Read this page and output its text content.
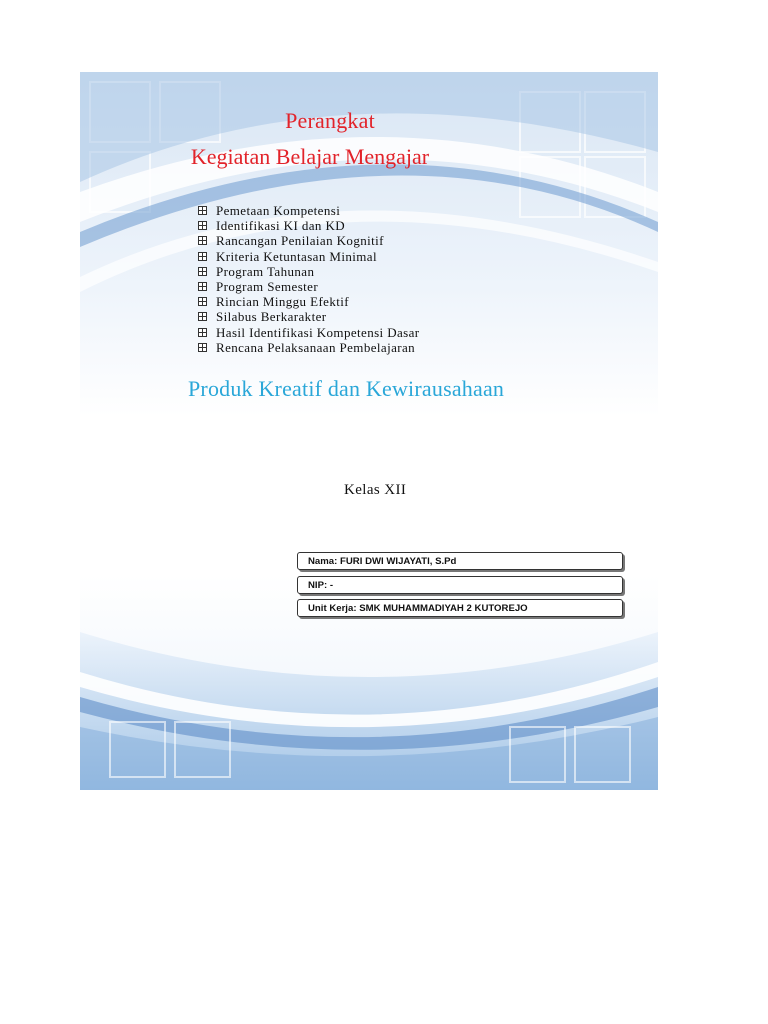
Perangkat
Kegiatan Belajar Mengajar
Pemetaan Kompetensi
Identifikasi KI dan KD
Rancangan Penilaian Kognitif
Kriteria Ketuntasan Minimal
Program Tahunan
Program Semester
Rincian Minggu Efektif
Silabus Berkarakter
Hasil Identifikasi Kompetensi Dasar
Rencana Pelaksanaan Pembelajaran
Produk Kreatif dan Kewirausahaan
Kelas XII
Nama : FURI DWI WIJAYATI, S.Pd
NIP : -
Unit Kerja : SMK MUHAMMADIYAH 2 KUTOREJO
